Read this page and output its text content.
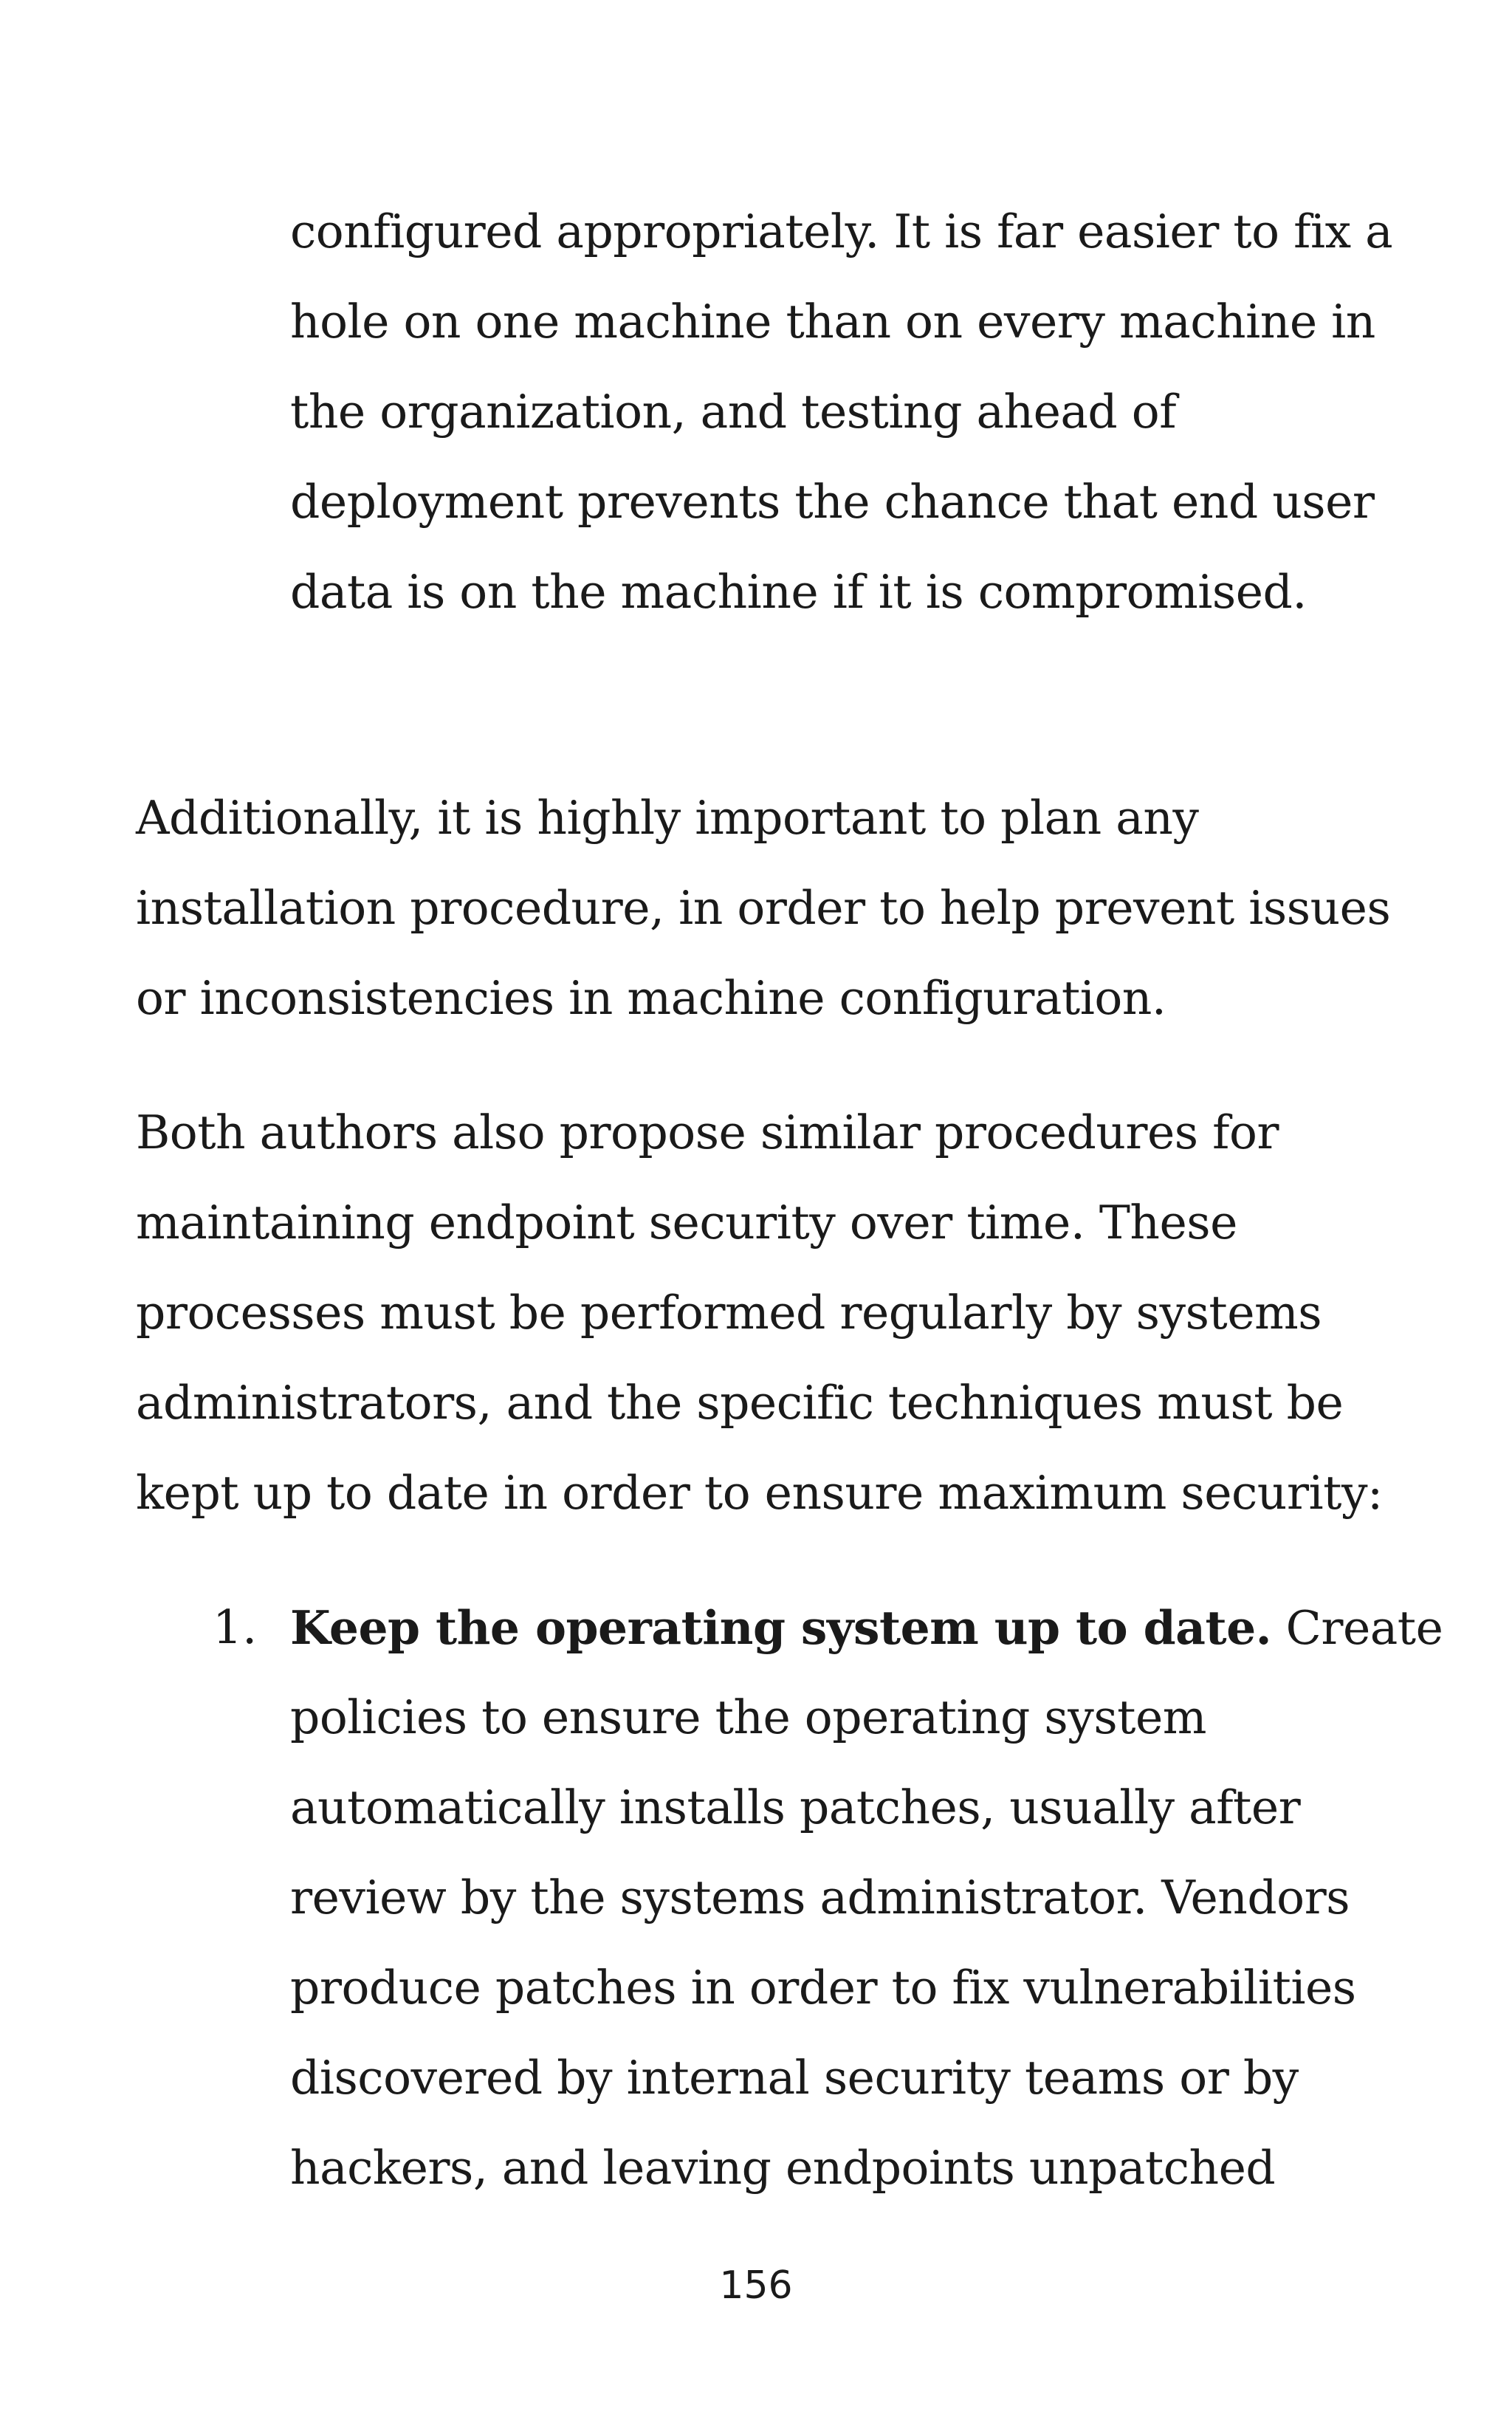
configured appropriately. It is far easier to fix a
hole on one machine than on every machine in
the organization, and testing ahead of
deployment prevents the chance that end user
data is on the machine if it is compromised.
Additionally, it is highly important to plan any
installation procedure, in order to help prevent issues
or inconsistencies in machine configuration.
Both authors also propose similar procedures for
maintaining endpoint security over time. These
processes must be performed regularly by systems
administrators, and the specific techniques must be
kept up to date in order to ensure maximum security:
1. Keep the operating system up to date. Create
policies to ensure the operating system
automatically installs patches, usually after
review by the systems administrator. Vendors
produce patches in order to fix vulnerabilities
discovered by internal security teams or by
hackers, and leaving endpoints unpatched
156
